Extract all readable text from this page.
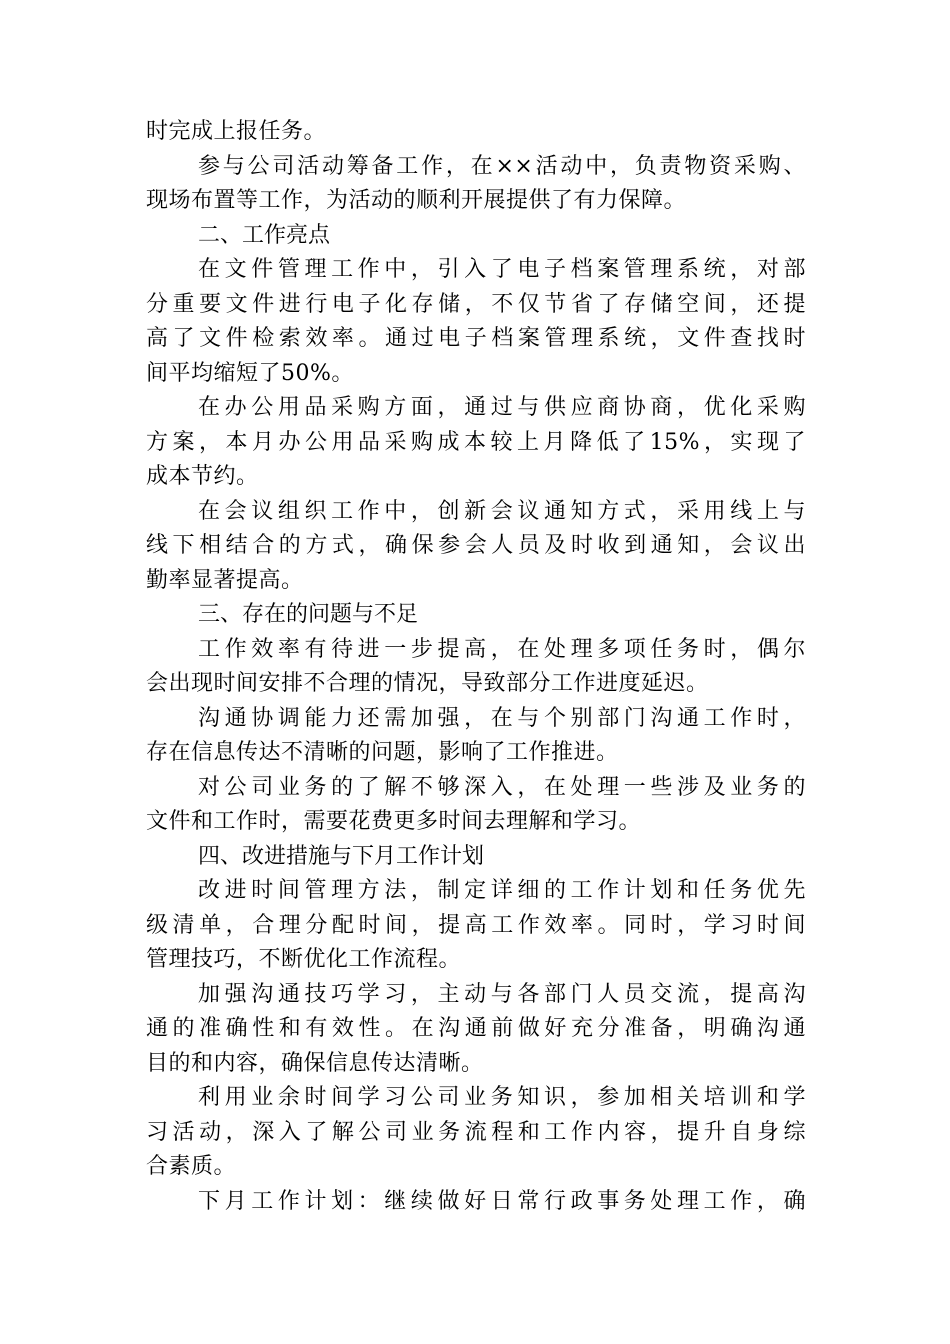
时完成上报任务。
参与公司活动筹备工作，在××活动中，负责物资采购、
现场布置等工作，为活动的顺利开展提供了有力保障。
二、工作亮点
在文件管理工作中，引入了电子档案管理系统，对部
分重要文件进行电子化存储，不仅节省了存储空间，还提
高了文件检索效率。通过电子档案管理系统，文件查找时
间平均缩短了50%。
在办公用品采购方面，通过与供应商协商，优化采购
方案，本月办公用品采购成本较上月降低了15%，实现了
成本节约。
在会议组织工作中，创新会议通知方式，采用线上与
线下相结合的方式，确保参会人员及时收到通知，会议出
勤率显著提高。
三、存在的问题与不足
工作效率有待进一步提高，在处理多项任务时，偶尔
会出现时间安排不合理的情况，导致部分工作进度延迟。
沟通协调能力还需加强，在与个别部门沟通工作时，
存在信息传达不清晰的问题，影响了工作推进。
对公司业务的了解不够深入，在处理一些涉及业务的
文件和工作时，需要花费更多时间去理解和学习。
四、改进措施与下月工作计划
改进时间管理方法，制定详细的工作计划和任务优先
级清单，合理分配时间，提高工作效率。同时，学习时间
管理技巧，不断优化工作流程。
加强沟通技巧学习，主动与各部门人员交流，提高沟
通的准确性和有效性。在沟通前做好充分准备，明确沟通
目的和内容，确保信息传达清晰。
利用业余时间学习公司业务知识，参加相关培训和学
习活动，深入了解公司业务流程和工作内容，提升自身综
合素质。
下月工作计划：继续做好日常行政事务处理工作，确
